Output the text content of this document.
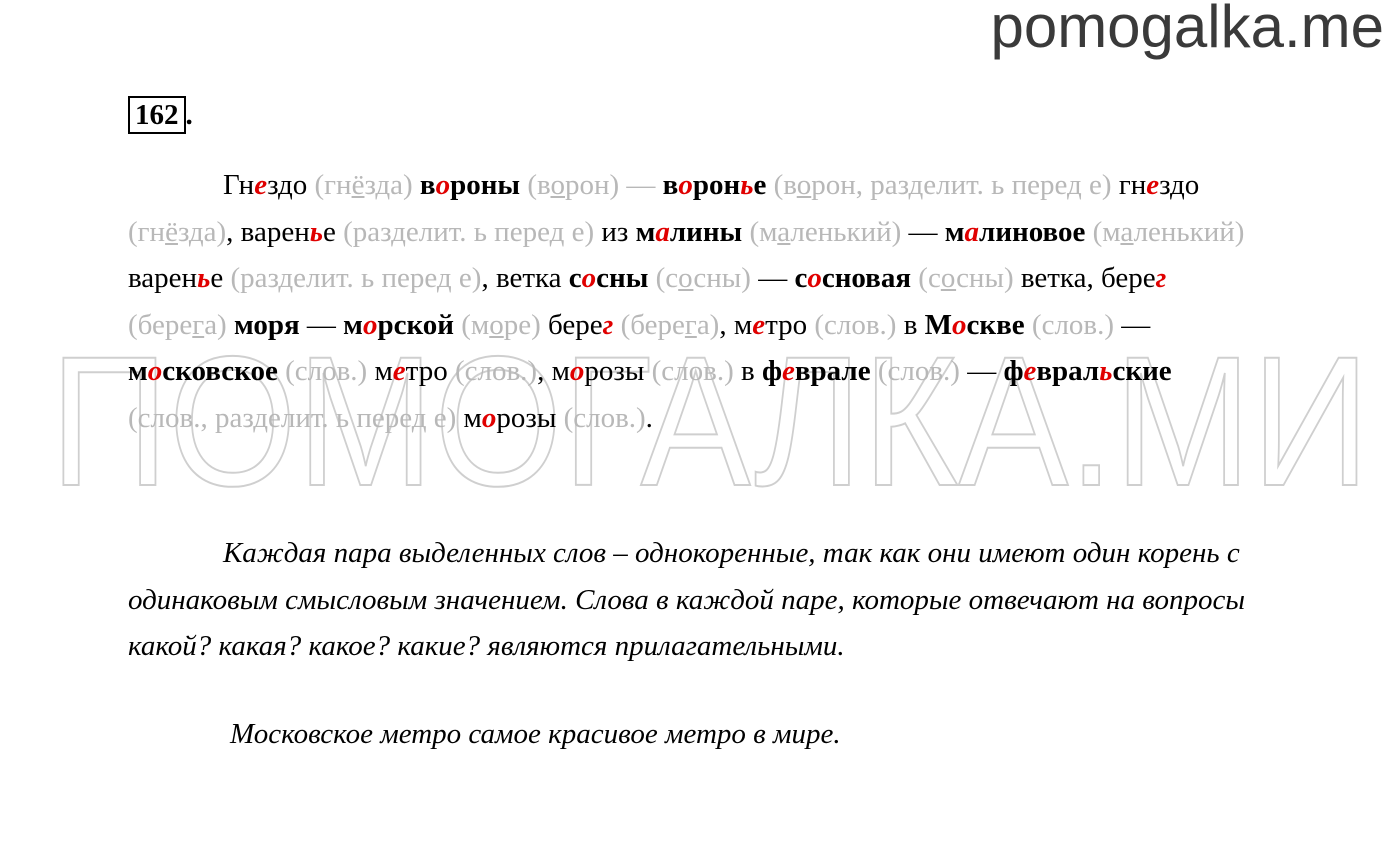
pomogalka.me
ПОМОГАЛКА.МИ
162 .
Гнездо (гнёзда) вороны (ворон) — воронье (ворон, разделит. ь перед е) гнездо (гнёзда), варенье (разделит. ь перед е) из малины (маленький) — малиновое (маленький) варенье (разделит. ь перед е), ветка сосны (сосны) — сосновая (сосны) ветка, берег (берега) моря — морской (море) берег (берега), метро (слов.) в Москве (слов.) — московское (слов.) метро (слов.), морозы (слов.) в феврале (слов.) — февральские (слов., разделит. ь перед е) морозы (слов.).
Каждая пара выделенных слов – однокоренные, так как они имеют один корень с одинаковым смысловым значением. Слова в каждой паре, которые отвечают на вопросы какой? какая? какое? какие? являются прилагательными.
Московское метро самое красивое метро в мире.
